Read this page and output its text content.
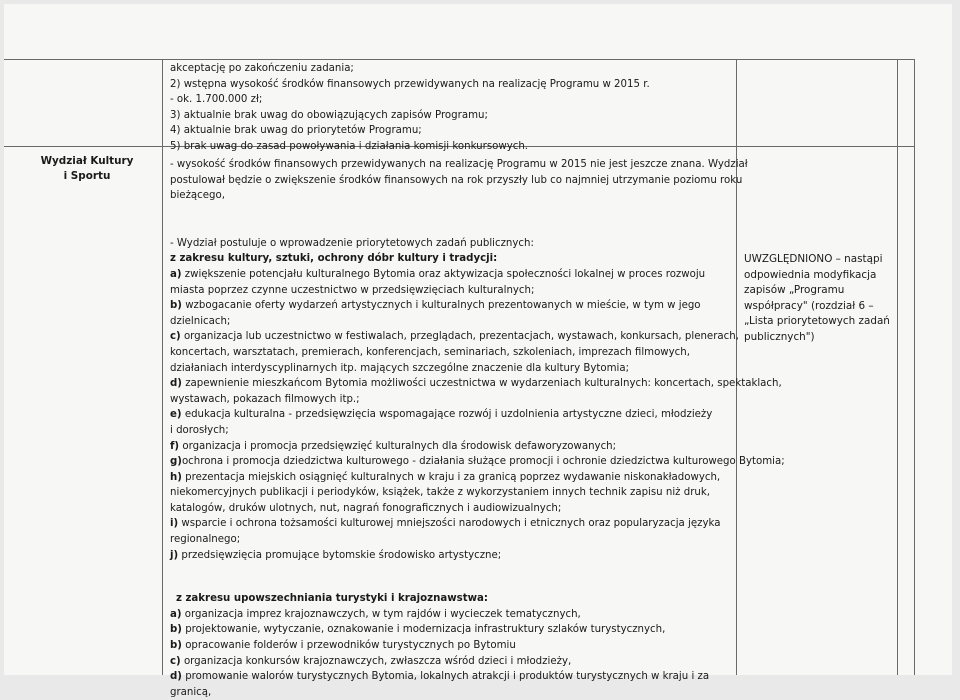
akceptację po zakończeniu zadania;

2) wstępna wysokość środków finansowych przewidywanych na realizację Programu w 2015 r.

- ok. 1.700.000 zł;

3) aktualnie brak uwag do obowiązujących zapisów Programu;

4) aktualnie brak uwag do priorytetów Programu;

5) brak uwag do zasad powoływania i działania komisji konkursowych.

Wydział Kultury
i Sportu

- wysokość środków finansowych przewidywanych na realizację Programu w 2015 nie jest jeszcze znana. Wydział

postulował będzie o zwiększenie środków finansowych na rok przyszły lub co najmniej utrzymanie poziomu roku

bieżącego,

- Wydział postuluje o wprowadzenie priorytetowych zadań publicznych:

z zakresu kultury, sztuki, ochrony dóbr kultury i tradycji:

a) zwiększenie potencjału kulturalnego Bytomia oraz aktywizacja społeczności lokalnej w proces rozwoju

miasta poprzez czynne uczestnictwo w przedsięwzięciach kulturalnych;

b) wzbogacanie oferty wydarzeń artystycznych i kulturalnych prezentowanych w mieście, w tym w jego

dzielnicach;

c) organizacja lub uczestnictwo w festiwalach, przeglądach, prezentacjach, wystawach, konkursach, plenerach,

koncertach, warsztatach, premierach, konferencjach, seminariach, szkoleniach, imprezach filmowych,

działaniach interdyscyplinarnych itp. mających szczególne znaczenie dla kultury Bytomia;

d) zapewnienie mieszkańcom Bytomia możliwości uczestnictwa w wydarzeniach kulturalnych: koncertach, spektaklach,

wystawach, pokazach filmowych itp.;

e) edukacja kulturalna - przedsięwzięcia wspomagające rozwój i uzdolnienia artystyczne dzieci, młodzieży

i dorosłych;

f) organizacja i promocja przedsięwzięć kulturalnych dla środowisk defaworyzowanych;

g)ochrona i promocja dziedzictwa kulturowego - działania służące promocji i ochronie dziedzictwa kulturowego Bytomia;

h) prezentacja miejskich osiągnięć kulturalnych w kraju i za granicą poprzez wydawanie niskonakładowych,

niekomercyjnych publikacji i periodyków, książek, także z wykorzystaniem innych technik zapisu niż druk,

katalogów, druków ulotnych, nut, nagrań fonograficznych i audiowizualnych;

i) wsparcie i ochrona tożsamości kulturowej mniejszości narodowych i etnicznych oraz popularyzacja języka

regionalnego;

j) przedsięwzięcia promujące bytomskie środowisko artystyczne;

z zakresu upowszechniania turystyki i krajoznawstwa:

a) organizacja imprez krajoznawczych, w tym rajdów i wycieczek tematycznych,

b) projektowanie, wytyczanie, oznakowanie i modernizacja infrastruktury szlaków turystycznych,

b) opracowanie folderów i przewodników turystycznych po Bytomiu

c) organizacja konkursów krajoznawczych, zwłaszcza wśród dzieci i młodzieży,

d) promowanie walorów turystycznych Bytomia, lokalnych atrakcji i produktów turystycznych w kraju i za

granicą,

UWZGLĘDNIONO – nastąpi
odpowiednia modyfikacja
zapisów „Programu
współpracy" (rozdział 6 –
„Lista priorytetowych zadań
publicznych")
